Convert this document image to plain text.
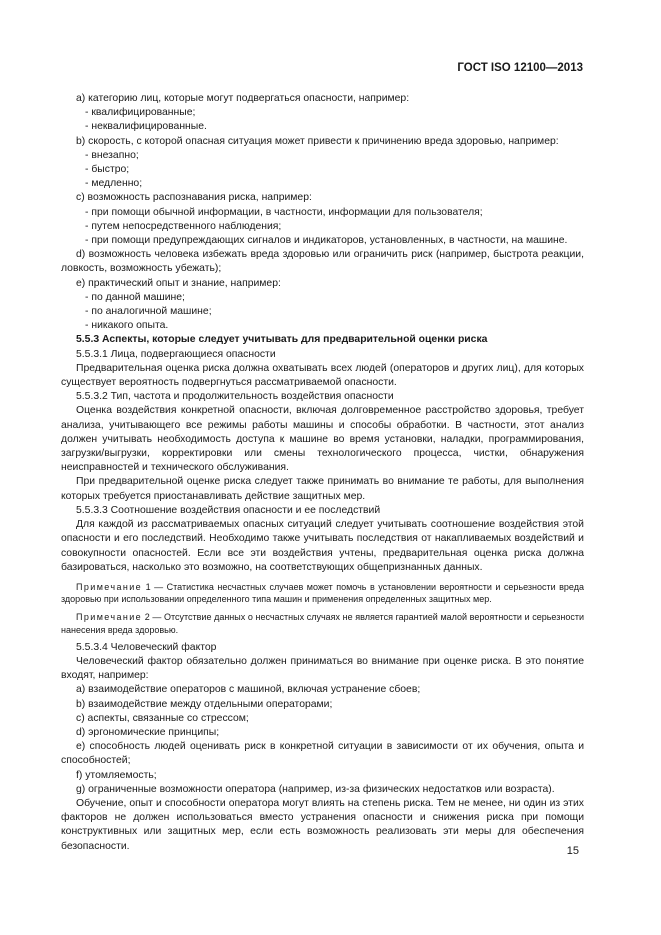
ГОСТ ISO 12100—2013

a) категорию лиц, которые могут подвергаться опасности, например:

- квалифицированные;

- неквалифицированные.

b) скорость, с которой опасная ситуация может привести к причинению вреда здоровью, например:

- внезапно;

- быстро;

- медленно;

c) возможность распознавания риска, например:

- при помощи обычной информации, в частности, информации для пользователя;

- путем непосредственного наблюдения;

- при помощи предупреждающих сигналов и индикаторов, установленных, в частности, на машине.

d) возможность человека избежать вреда здоровью или ограничить риск (например, быстрота реакции, ловкость, возможность убежать);

e) практический опыт и знание, например:

- по данной машине;

- по аналогичной машине;

- никакого опыта.

5.5.3 Аспекты, которые следует учитывать для предварительной оценки риска

5.5.3.1 Лица, подвергающиеся опасности

Предварительная оценка риска должна охватывать всех людей (операторов и других лиц), для которых существует вероятность подвергнуться рассматриваемой опасности.

5.5.3.2 Тип, частота и продолжительность воздействия опасности

Оценка воздействия конкретной опасности, включая долговременное расстройство здоровья, требует анализа, учитывающего все режимы работы машины и способы обработки. В частности, этот анализ должен учитывать необходимость доступа к машине во время установки, наладки, программирования, загрузки/выгрузки, корректировки или смены технологического процесса, чистки, обнаружения неисправностей и технического обслуживания.

При предварительной оценке риска следует также принимать во внимание те работы, для выполнения которых требуется приостанавливать действие защитных мер.

5.5.3.3 Соотношение воздействия опасности и ее последствий

Для каждой из рассматриваемых опасных ситуаций следует учитывать соотношение воздействия этой опасности и его последствий. Необходимо также учитывать последствия от накапливаемых воздействий и совокупности опасностей. Если все эти воздействия учтены, предварительная оценка риска должна базироваться, насколько это возможно, на соответствующих общепризнанных данных.

Примечание 1 — Статистика несчастных случаев может помочь в установлении вероятности и серьезности вреда здоровью при использовании определенного типа машин и применения определенных защитных мер.

Примечание 2 — Отсутствие данных о несчастных случаях не является гарантией малой вероятности и серьезности нанесения вреда здоровью.

5.5.3.4 Человеческий фактор

Человеческий фактор обязательно должен приниматься во внимание при оценке риска. В это понятие входят, например:

a) взаимодействие операторов с машиной, включая устранение сбоев;

b) взаимодействие между отдельными операторами;

c) аспекты, связанные со стрессом;

d) эргономические принципы;

e) способность людей оценивать риск в конкретной ситуации в зависимости от их обучения, опыта и способностей;

f) утомляемость;

g) ограниченные возможности оператора (например, из-за физических недостатков или возраста).

Обучение, опыт и способности оператора могут влиять на степень риска. Тем не менее, ни один из этих факторов не должен использоваться вместо устранения опасности и снижения риска при помощи конструктивных или защитных мер, если есть возможность реализовать эти меры для обеспечения безопасности.	15
